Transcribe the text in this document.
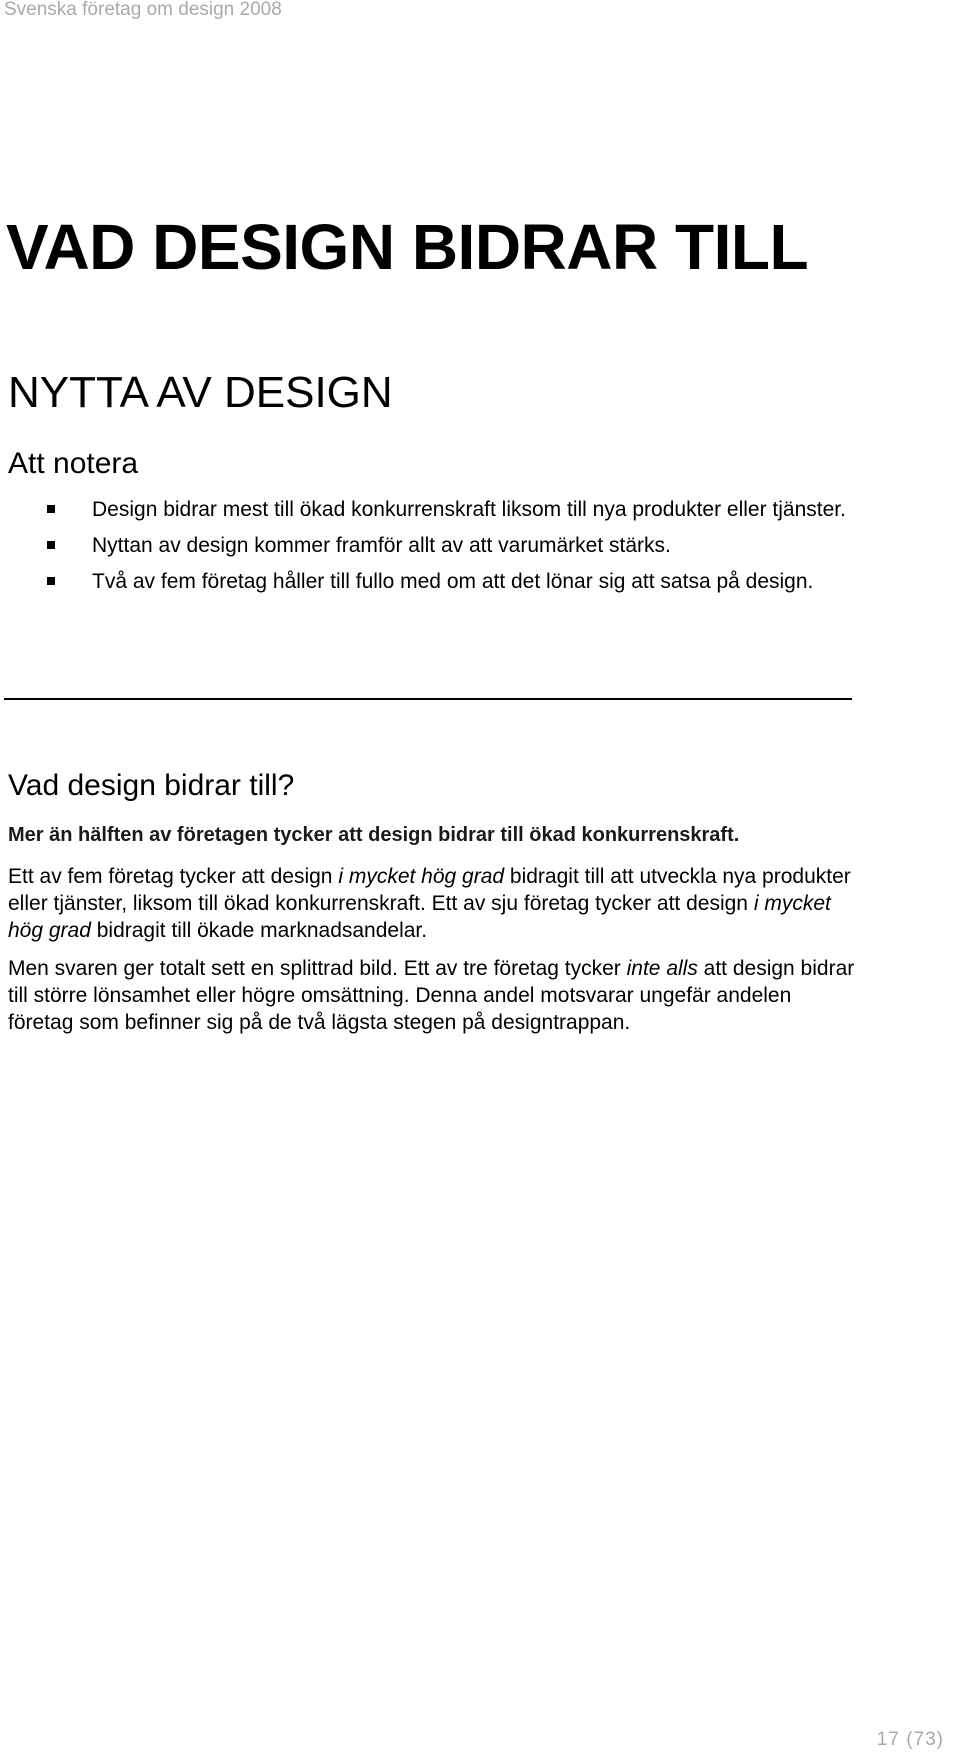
Svenska företag om design 2008
VAD DESIGN BIDRAR TILL
NYTTA AV DESIGN
Att notera
Design bidrar mest till ökad konkurrenskraft liksom till nya produkter eller tjänster.
Nyttan av design kommer framför allt av att varumärket stärks.
Två av fem företag håller till fullo med om att det lönar sig att satsa på design.
Vad design bidrar till?

Mer än hälften av företagen tycker att design bidrar till ökad konkurrenskraft.

Ett av fem företag tycker att design i mycket hög grad bidragit till att utveckla nya produkter eller tjänster, liksom till ökad konkurrenskraft. Ett av sju företag tycker att design i mycket hög grad bidragit till ökade marknadsandelar.

Men svaren ger totalt sett en splittrad bild. Ett av tre företag tycker inte alls att design bidrar till större lönsamhet eller högre omsättning. Denna andel motsvarar ungefär andelen företag som befinner sig på de två lägsta stegen på designtrappan.

17 (73)
